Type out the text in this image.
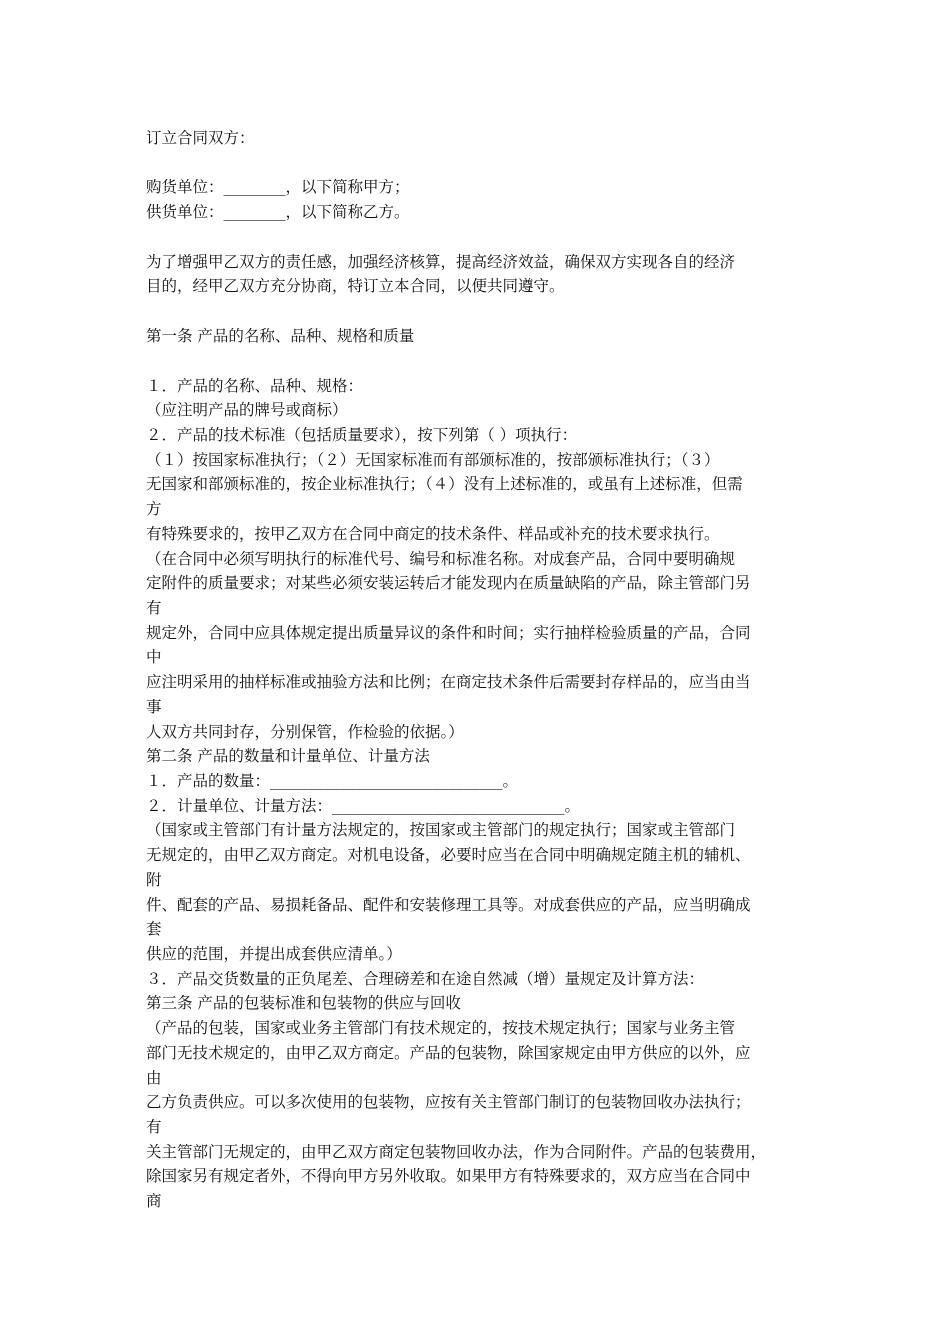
订立合同双方：
购货单位：________，以下简称甲方；
供货单位：________，以下简称乙方。
为了增强甲乙双方的责任感，加强经济核算，提高经济效益，确保双方实现各自的经济
目的，经甲乙双方充分协商，特订立本合同，以便共同遵守。
第一条 产品的名称、品种、规格和质量
１．产品的名称、品种、规格：
（应注明产品的牌号或商标）
２．产品的技术标准（包括质量要求），按下列第（ ）项执行：
（１）按国家标准执行；（２）无国家标准而有部颁标准的，按部颁标准执行；（３）
无国家和部颁标准的，按企业标准执行；（４）没有上述标准的，或虽有上述标准，但需
方
有特殊要求的，按甲乙双方在合同中商定的技术条件、样品或补充的技术要求执行。
（在合同中必须写明执行的标准代号、编号和标准名称。对成套产品，合同中要明确规
定附件的质量要求；对某些必须安装运转后才能发现内在质量缺陷的产品，除主管部门另
有
规定外，合同中应具体规定提出质量异议的条件和时间；实行抽样检验质量的产品，合同
中
应注明采用的抽样标准或抽验方法和比例；在商定技术条件后需要封存样品的，应当由当
事
人双方共同封存，分别保管，作检验的依据。）
第二条 产品的数量和计量单位、计量方法
１．产品的数量：______________________________。
２．计量单位、计量方法：______________________________。
（国家或主管部门有计量方法规定的，按国家或主管部门的规定执行；国家或主管部门
无规定的，由甲乙双方商定。对机电设备，必要时应当在合同中明确规定随主机的辅机、
附
件、配套的产品、易损耗备品、配件和安装修理工具等。对成套供应的产品，应当明确成
套
供应的范围，并提出成套供应清单。）
３．产品交货数量的正负尾差、合理磅差和在途自然减（增）量规定及计算方法：
第三条 产品的包装标准和包装物的供应与回收
（产品的包装，国家或业务主管部门有技术规定的，按技术规定执行；国家与业务主管
部门无技术规定的，由甲乙双方商定。产品的包装物，除国家规定由甲方供应的以外，应
由
乙方负责供应。可以多次使用的包装物，应按有关主管部门制订的包装物回收办法执行；
有
关主管部门无规定的，由甲乙双方商定包装物回收办法，作为合同附件。产品的包装费用，
除国家另有规定者外，不得向甲方另外收取。如果甲方有特殊要求的，双方应当在合同中
商
